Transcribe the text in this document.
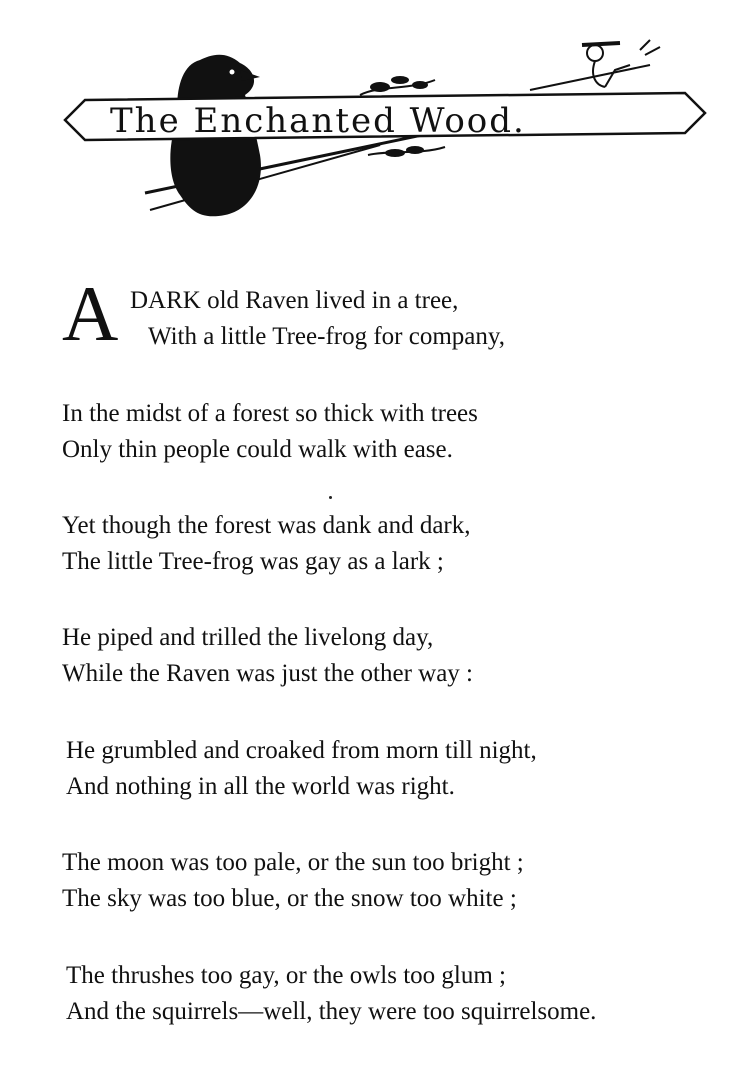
The Enchanted Wood.
A DARK old Raven lived in a tree,
With a little Tree-frog for company,
In the midst of a forest so thick with trees
Only thin people could walk with ease.
Yet though the forest was dank and dark,
The little Tree-frog was gay as a lark ;
He piped and trilled the livelong day,
While the Raven was just the other way :
He grumbled and croaked from morn till night,
And nothing in all the world was right.
The moon was too pale, or the sun too bright ;
The sky was too blue, or the snow too white ;
The thrushes too gay, or the owls too glum ;
And the squirrels—well, they were too squirrelsome.
